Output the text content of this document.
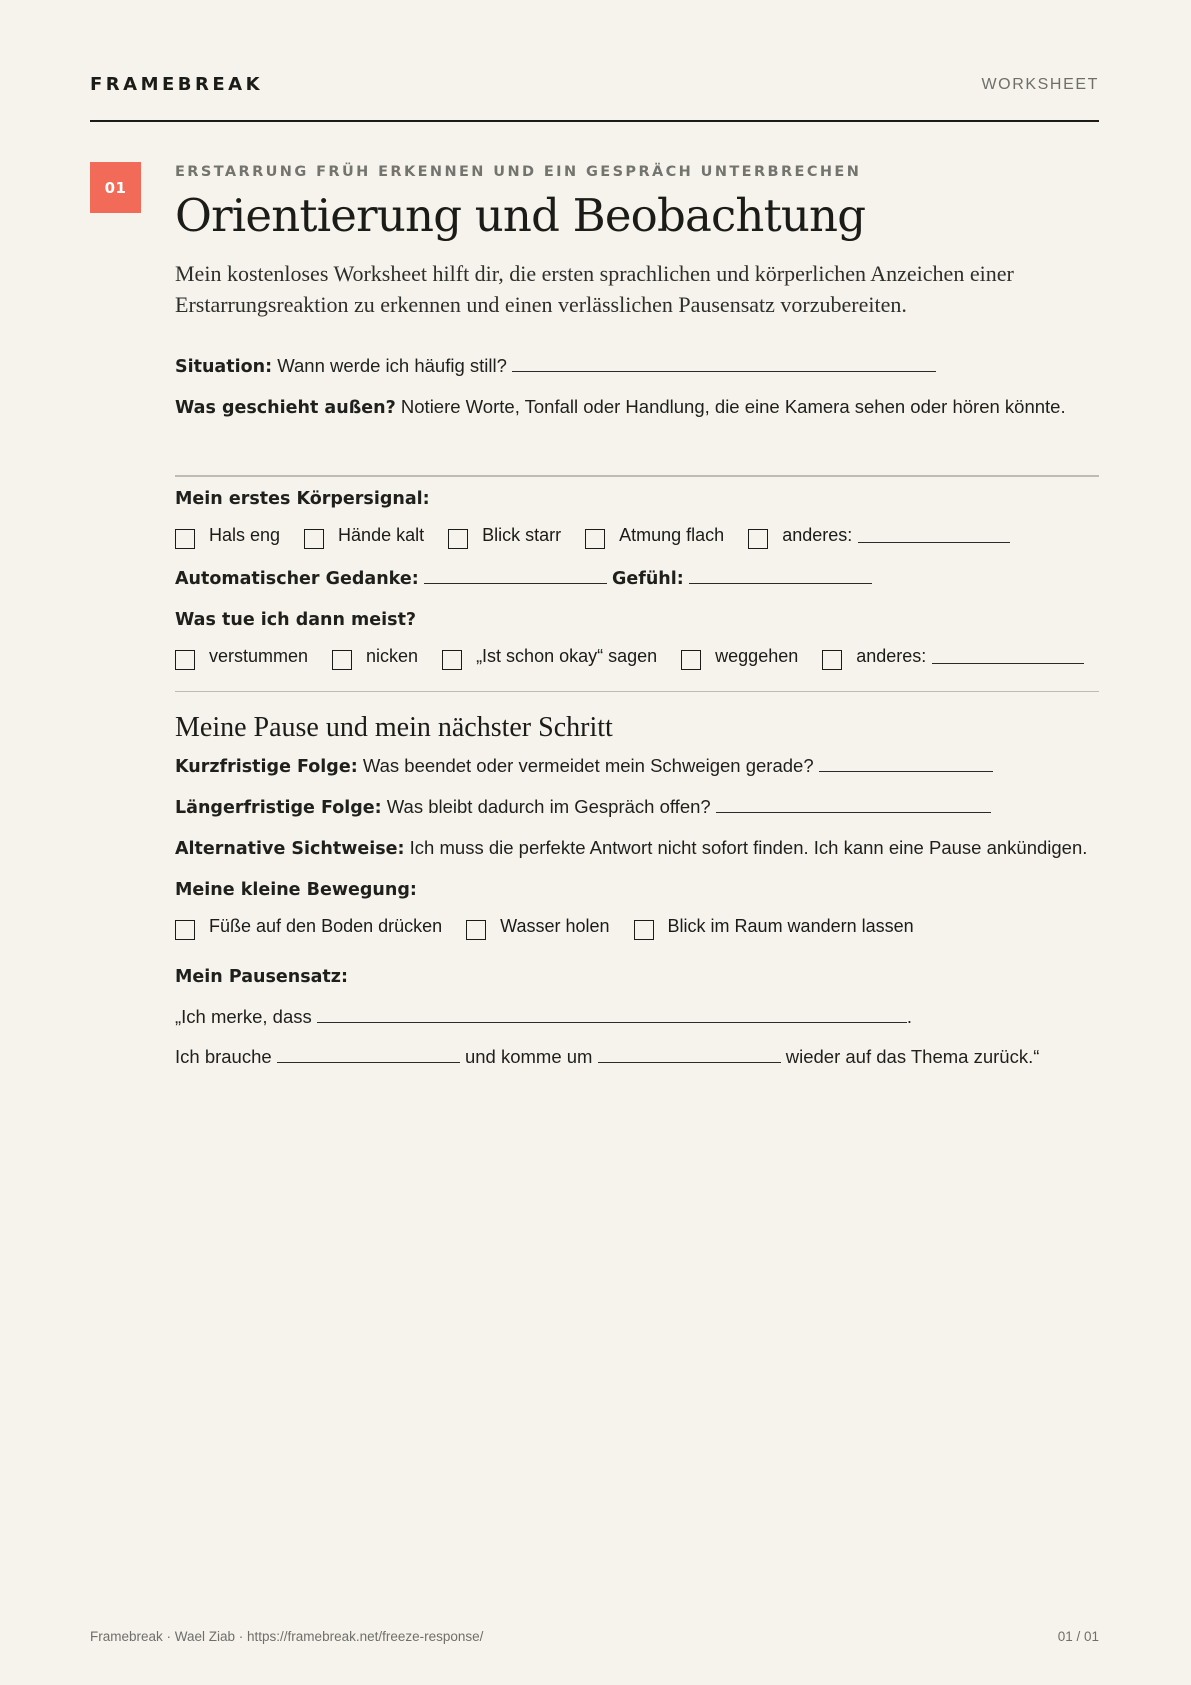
FRAMEBREAK	WORKSHEET
01

ERSTARRUNG FRÜH ERKENNEN UND EIN GESPRÄCH UNTERBRECHEN

Orientierung und Beobachtung

Mein kostenloses Worksheet hilft dir, die ersten sprachlichen und körperlichen Anzeichen einer Erstarrungsreaktion zu erkennen und einen verlässlichen Pausensatz vorzubereiten.

Situation: Wann werde ich häufig still?
Was geschieht außen? Notiere Worte, Tonfall oder Handlung, die eine Kamera sehen oder hören könnte.
Mein erstes Körpersignal:
Hals eng	Hände kalt	Blick starr	Atmung flach	anderes:
Automatischer Gedanke:	Gefühl:
Was tue ich dann meist?
verstummen	nicken	„Ist schon okay“ sagen	weggehen	anderes:
Meine Pause und mein nächster Schritt
Kurzfristige Folge: Was beendet oder vermeidet mein Schweigen gerade?
Längerfristige Folge: Was bleibt dadurch im Gespräch offen?
Alternative Sichtweise: Ich muss die perfekte Antwort nicht sofort finden. Ich kann eine Pause ankündigen.
Meine kleine Bewegung:
Füße auf den Boden drücken	Wasser holen	Blick im Raum wandern lassen
Mein Pausensatz:
„Ich merke, dass	.
Ich brauche	und komme um	wieder auf das Thema zurück.“
Framebreak · Wael Ziab · https://framebreak.net/freeze-response/	01 / 01
